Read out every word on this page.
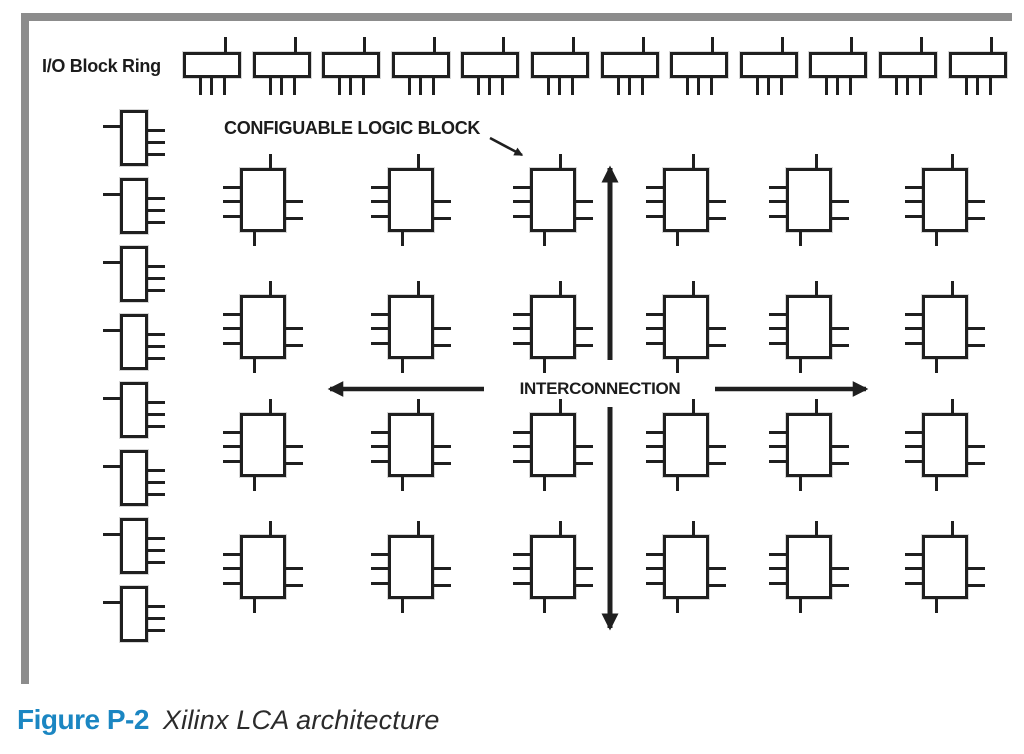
I/O Block Ring
CONFIGUABLE LOGIC BLOCK
INTERCONNECTION
Figure P-2 Xilinx LCA architecture
